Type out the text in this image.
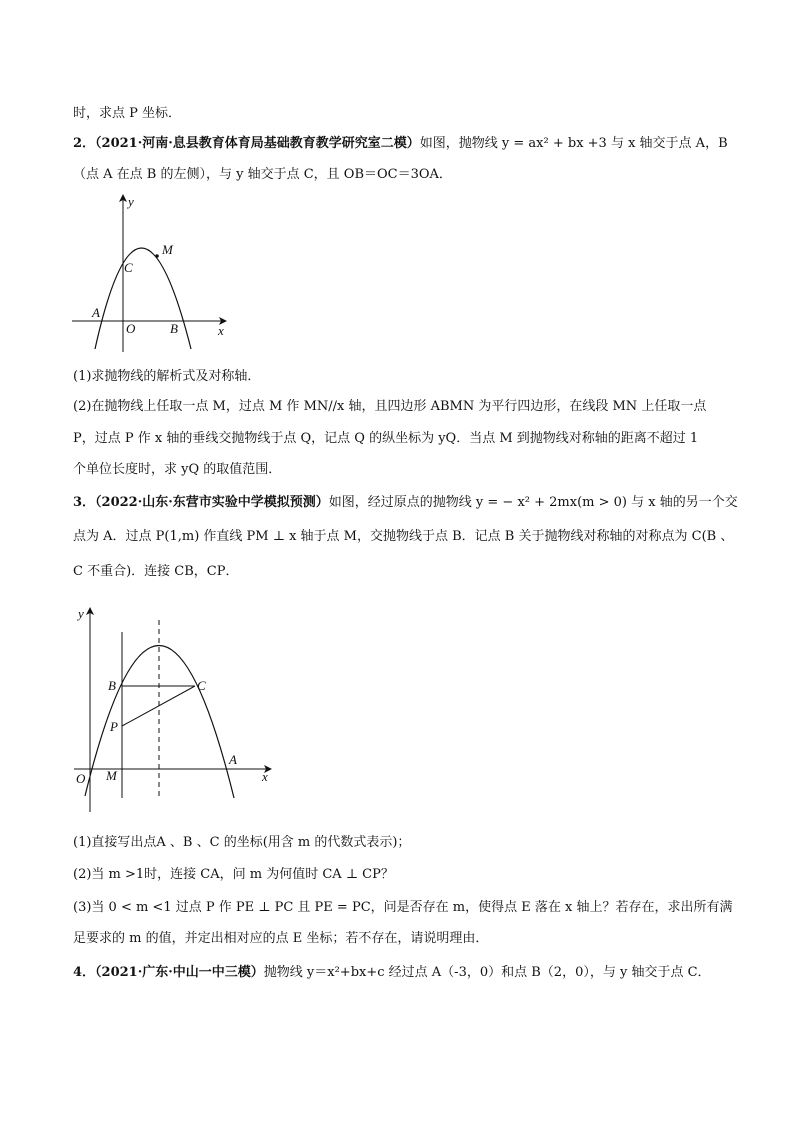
时，求点 P 坐标．
2．（2021·河南·息县教育体育局基础教育教学研究室二模）如图，抛物线 y = ax² + bx +3 与 x 轴交于点 A，B
（点 A 在点 B 的左侧），与 y 轴交于点 C，且 OB＝OC＝3OA．
y
M
C
A
O	B	x
(1)求抛物线的解析式及对称轴．
(2)在抛物线上任取一点 M，过点 M 作 MN//x 轴，且四边形 ABMN 为平行四边形，在线段 MN 上任取一点
P，过点 P 作 x 轴的垂线交抛物线于点 Q，记点 Q 的纵坐标为 yQ．当点 M 到抛物线对称轴的距离不超过 1
个单位长度时，求 yQ 的取值范围．
3．（2022·山东·东营市实验中学模拟预测）如图，经过原点的抛物线 y = − x² + 2mx(m > 0) 与 x 轴的另一个交
点为 A．过点 P(1,m) 作直线 PM ⊥ x 轴于点 M，交抛物线于点 B．记点 B 关于抛物线对称轴的对称点为 C(B 、
C 不重合)．连接 CB，CP．
y
B	C
P
O M
A
x
(1)直接写出点A 、B 、C 的坐标(用含 m 的代数式表示)；
(2)当 m >1时，连接 CA，问 m 为何值时 CA ⊥ CP？
(3)当 0 < m <1 过点 P 作 PE ⊥ PC 且 PE = PC，问是否存在 m，使得点 E 落在 x 轴上？若存在，求出所有满
足要求的 m 的值，并定出相对应的点 E 坐标；若不存在，请说明理由．
4．（2021·广东·中山一中三模）抛物线 y＝x²+bx+c 经过点 A（-3，0）和点 B（2，0），与 y 轴交于点 C．
